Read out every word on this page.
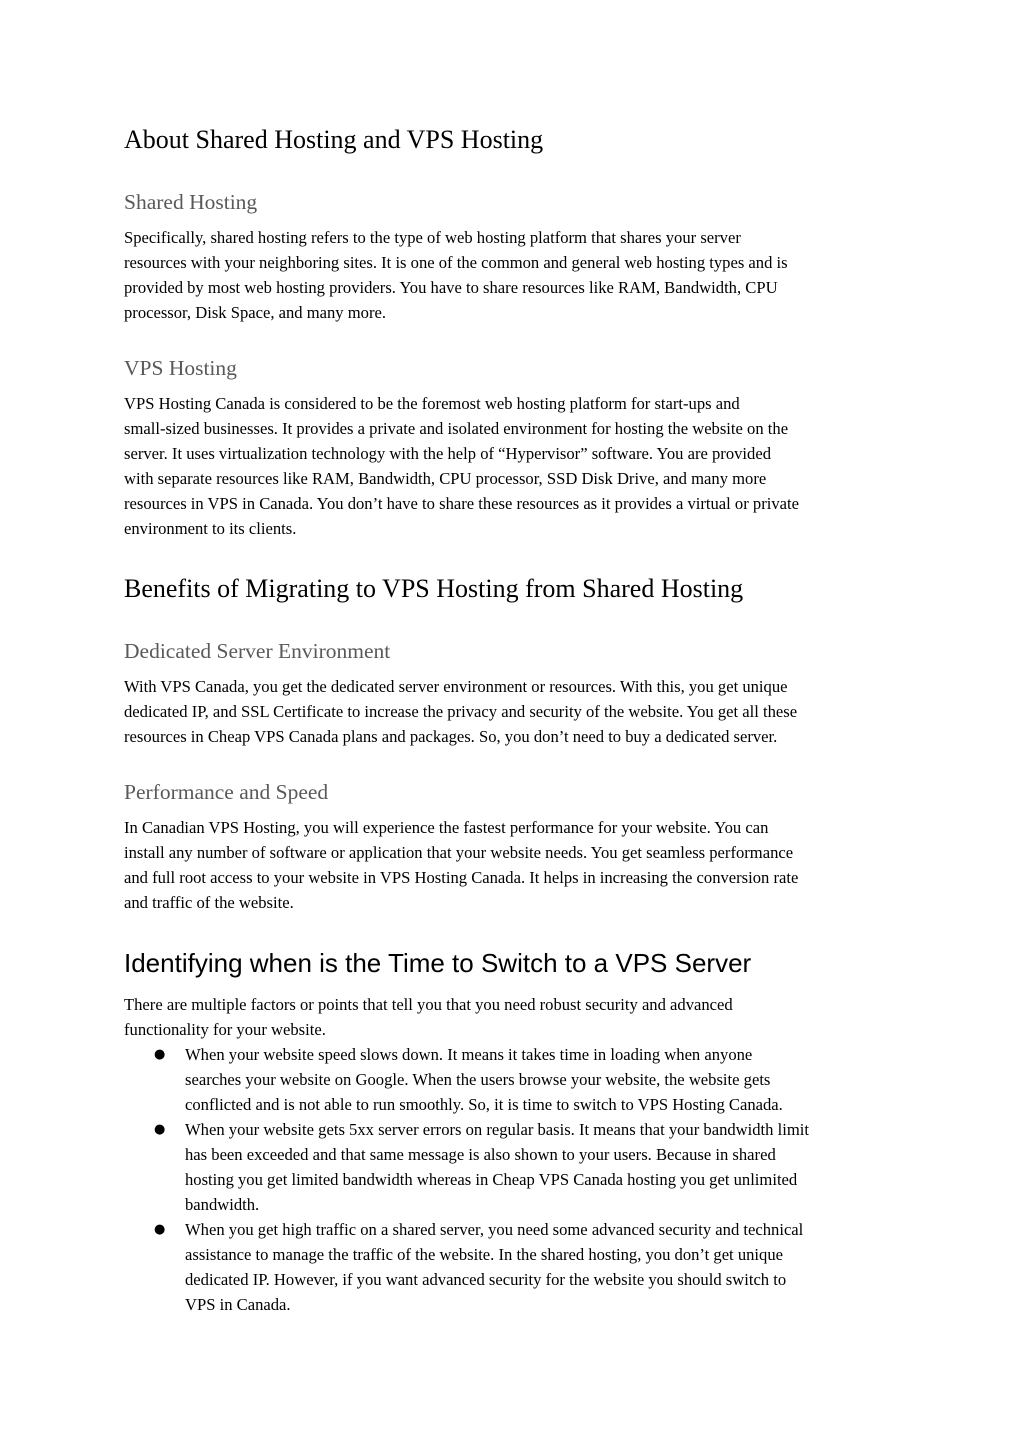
About Shared Hosting and VPS Hosting
Shared Hosting

Specifically, shared hosting refers to the type of web hosting platform that shares your server
resources with your neighboring sites. It is one of the common and general web hosting types and is
provided by most web hosting providers. You have to share resources like RAM, Bandwidth, CPU
processor, Disk Space, and many more.

VPS Hosting

VPS Hosting Canada is considered to be the foremost web hosting platform for start-ups and
small-sized businesses. It provides a private and isolated environment for hosting the website on the
server. It uses virtualization technology with the help of “Hypervisor” software. You are provided
with separate resources like RAM, Bandwidth, CPU processor, SSD Disk Drive, and many more
resources in VPS in Canada. You don’t have to share these resources as it provides a virtual or private
environment to its clients.

Benefits of Migrating to VPS Hosting from Shared Hosting
Dedicated Server Environment

With VPS Canada, you get the dedicated server environment or resources. With this, you get unique
dedicated IP, and SSL Certificate to increase the privacy and security of the website. You get all these
resources in Cheap VPS Canada plans and packages. So, you don’t need to buy a dedicated server.

Performance and Speed

In Canadian VPS Hosting, you will experience the fastest performance for your website. You can
install any number of software or application that your website needs. You get seamless performance
and full root access to your website in VPS Hosting Canada. It helps in increasing the conversion rate
and traffic of the website.

Identifying when is the Time to Switch to a VPS Server

There are multiple factors or points that tell you that you need robust security and advanced
functionality for your website.

● When your website speed slows down. It means it takes time in loading when anyone
searches your website on Google. When the users browse your website, the website gets
conflicted and is not able to run smoothly. So, it is time to switch to VPS Hosting Canada.
● When your website gets 5xx server errors on regular basis. It means that your bandwidth limit
has been exceeded and that same message is also shown to your users. Because in shared
hosting you get limited bandwidth whereas in Cheap VPS Canada hosting you get unlimited
bandwidth.
● When you get high traffic on a shared server, you need some advanced security and technical
assistance to manage the traffic of the website. In the shared hosting, you don’t get unique
dedicated IP. However, if you want advanced security for the website you should switch to
VPS in Canada.
